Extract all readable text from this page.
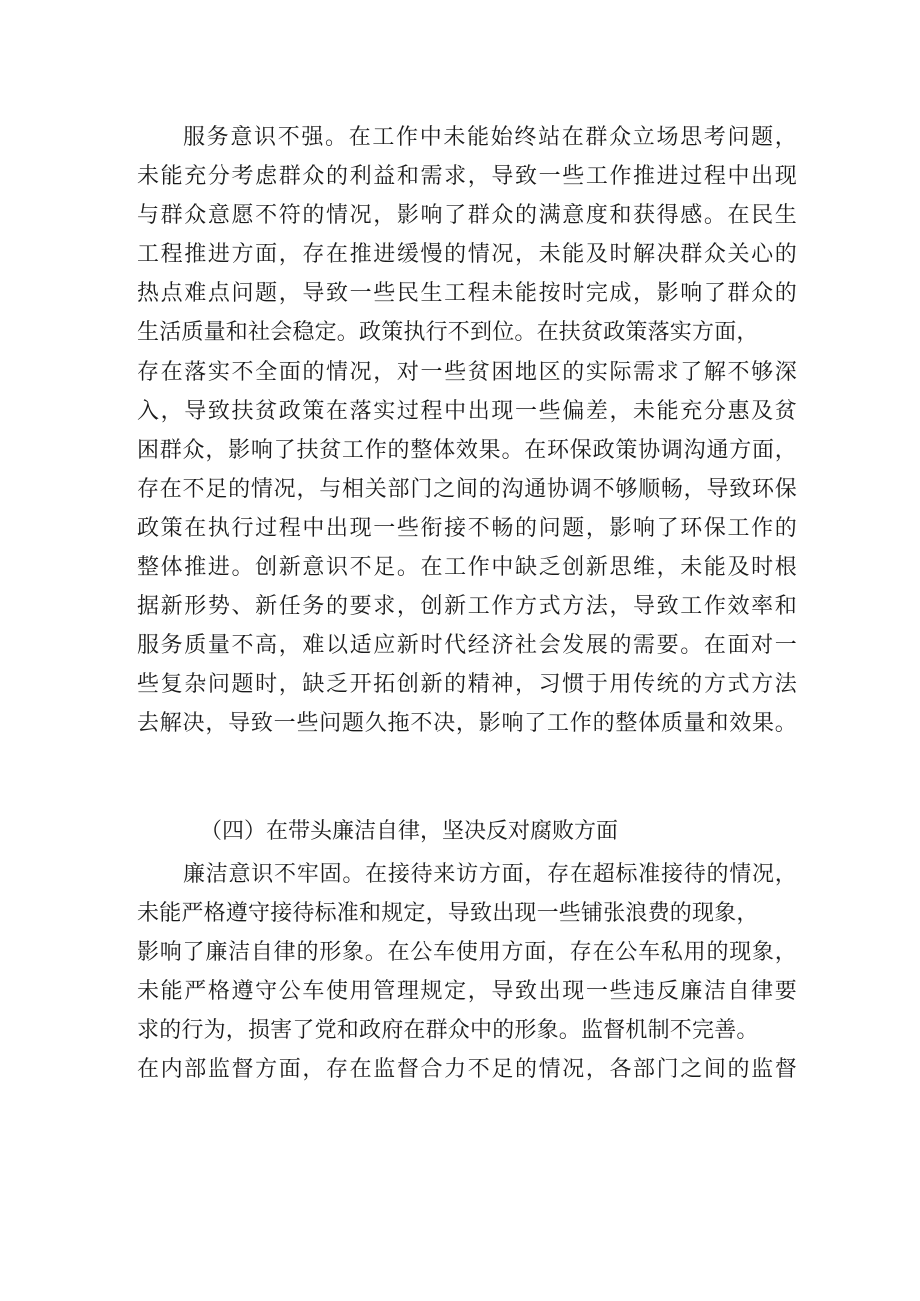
服务意识不强。在工作中未能始终站在群众立场思考问题，
未能充分考虑群众的利益和需求，导致一些工作推进过程中出现
与群众意愿不符的情况，影响了群众的满意度和获得感。在民生
工程推进方面，存在推进缓慢的情况，未能及时解决群众关心的
热点难点问题，导致一些民生工程未能按时完成，影响了群众的
生活质量和社会稳定。政策执行不到位。在扶贫政策落实方面，
存在落实不全面的情况，对一些贫困地区的实际需求了解不够深
入，导致扶贫政策在落实过程中出现一些偏差，未能充分惠及贫
困群众，影响了扶贫工作的整体效果。在环保政策协调沟通方面，
存在不足的情况，与相关部门之间的沟通协调不够顺畅，导致环保
政策在执行过程中出现一些衔接不畅的问题，影响了环保工作的
整体推进。创新意识不足。在工作中缺乏创新思维，未能及时根
据新形势、新任务的要求，创新工作方式方法，导致工作效率和
服务质量不高，难以适应新时代经济社会发展的需要。在面对一
些复杂问题时，缺乏开拓创新的精神，习惯于用传统的方式方法
去解决，导致一些问题久拖不决，影响了工作的整体质量和效果。
（四）在带头廉洁自律，坚决反对腐败方面
廉洁意识不牢固。在接待来访方面，存在超标准接待的情况，
未能严格遵守接待标准和规定，导致出现一些铺张浪费的现象，
影响了廉洁自律的形象。在公车使用方面，存在公车私用的现象，
未能严格遵守公车使用管理规定，导致出现一些违反廉洁自律要
求的行为，损害了党和政府在群众中的形象。监督机制不完善。
在内部监督方面，存在监督合力不足的情况，各部门之间的监督
